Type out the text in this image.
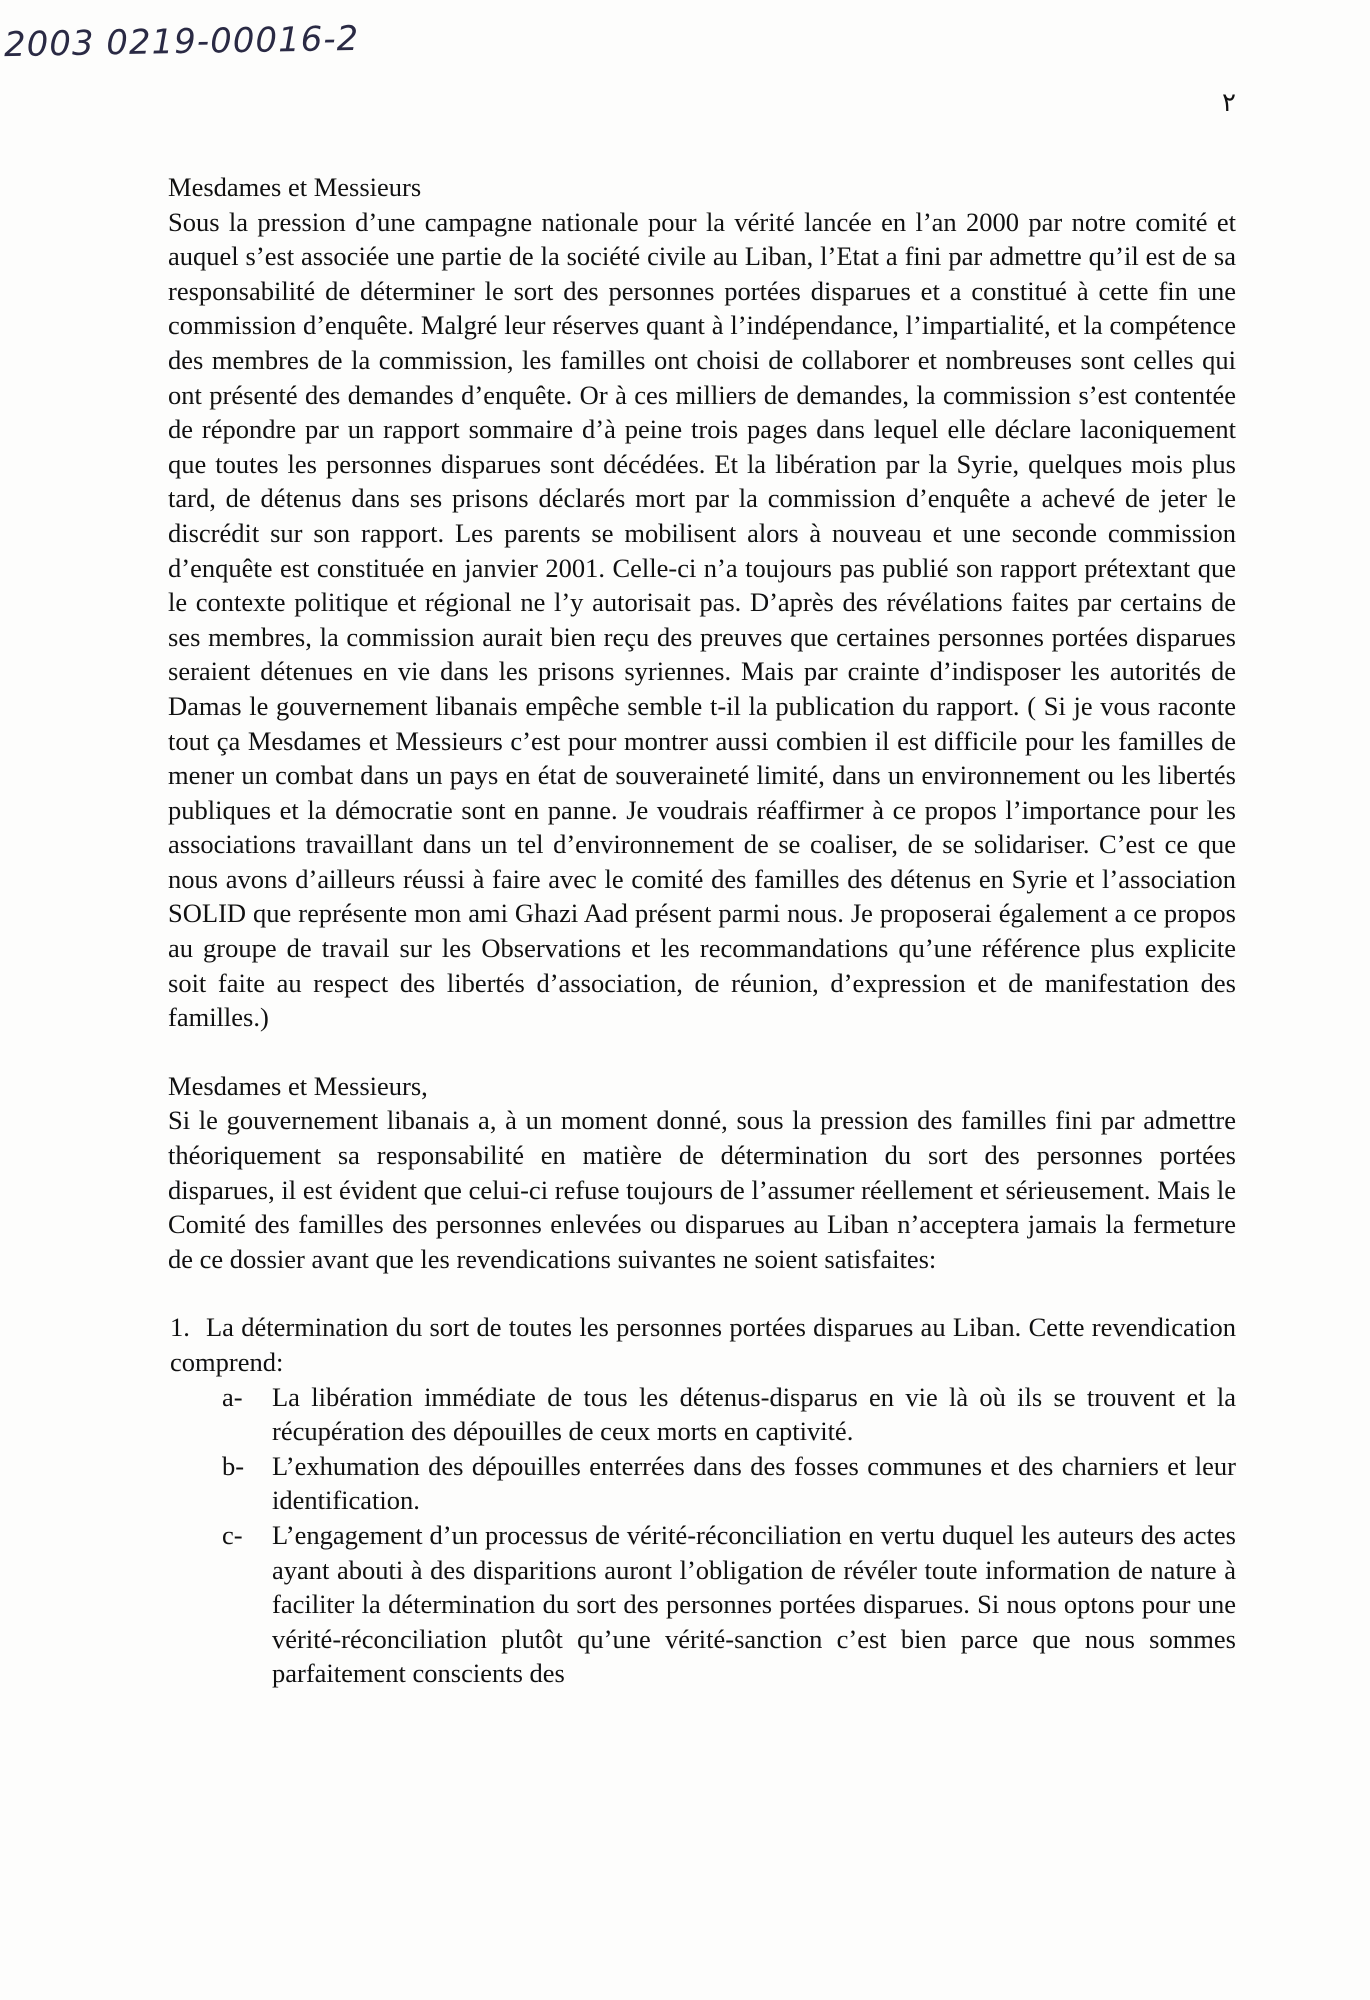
2003 0219-00016-2
٢

Mesdames et Messieurs

Sous la pression d’une campagne nationale pour la vérité lancée en l’an 2000 par notre comité et auquel s’est associée une partie de la société civile au Liban, l’Etat a fini par admettre qu’il est de sa responsabilité de déterminer le sort des personnes portées disparues et a constitué à cette fin une commission d’enquête. Malgré leur réserves quant à l’indépendance, l’impartialité, et la compétence des membres de la commission, les familles ont choisi de collaborer et nombreuses sont celles qui ont présenté des demandes d’enquête. Or à ces milliers de demandes, la commission s’est contentée de répondre par un rapport sommaire d’à peine trois pages dans lequel elle déclare laconiquement que toutes les personnes disparues sont décédées. Et la libération par la Syrie, quelques mois plus tard, de détenus dans ses prisons déclarés mort par la commission d’enquête a achevé de jeter le discrédit sur son rapport. Les parents se mobilisent alors à nouveau et une seconde commission d’enquête est constituée en janvier 2001. Celle-ci n’a toujours pas publié son rapport prétextant que le contexte politique et régional ne l’y autorisait pas. D’après des révélations faites par certains de ses membres, la commission aurait bien reçu des preuves que certaines personnes portées disparues seraient détenues en vie dans les prisons syriennes. Mais par crainte d’indisposer les autorités de Damas le gouvernement libanais empêche semble t-il la publication du rapport. ( Si je vous raconte tout ça Mesdames et Messieurs c’est pour montrer aussi combien il est difficile pour les familles de mener un combat dans un pays en état de souveraineté limité, dans un environnement ou les libertés publiques et la démocratie sont en panne. Je voudrais réaffirmer à ce propos l’importance pour les associations travaillant dans un tel d’environnement de se coaliser, de se solidariser. C’est ce que nous avons d’ailleurs réussi à faire avec le comité des familles des détenus en Syrie et l’association SOLID que représente mon ami Ghazi Aad présent parmi nous. Je proposerai également a ce propos au groupe de travail sur les Observations et les recommandations qu’une référence plus explicite soit faite au respect des libertés d’association, de réunion, d’expression et de manifestation des familles.)

Mesdames et Messieurs,

Si le gouvernement libanais a, à un moment donné, sous la pression des familles fini par admettre théoriquement sa responsabilité en matière de détermination du sort des personnes portées disparues, il est évident que celui-ci refuse toujours de l’assumer réellement et sérieusement. Mais le Comité des familles des personnes enlevées ou disparues au Liban n’acceptera jamais la fermeture de ce dossier avant que les revendications suivantes ne soient satisfaites:

1. La détermination du sort de toutes les personnes portées disparues au Liban. Cette revendication comprend:
a- La libération immédiate de tous les détenus-disparus en vie là où ils se trouvent et la récupération des dépouilles de ceux morts en captivité.
b- L’exhumation des dépouilles enterrées dans des fosses communes et des charniers et leur identification.
c- L’engagement d’un processus de vérité-réconciliation en vertu duquel les auteurs des actes ayant abouti à des disparitions auront l’obligation de révéler toute information de nature à faciliter la détermination du sort des personnes portées disparues. Si nous optons pour une vérité-réconciliation plutôt qu’une vérité-sanction c’est bien parce que nous sommes parfaitement conscients des
